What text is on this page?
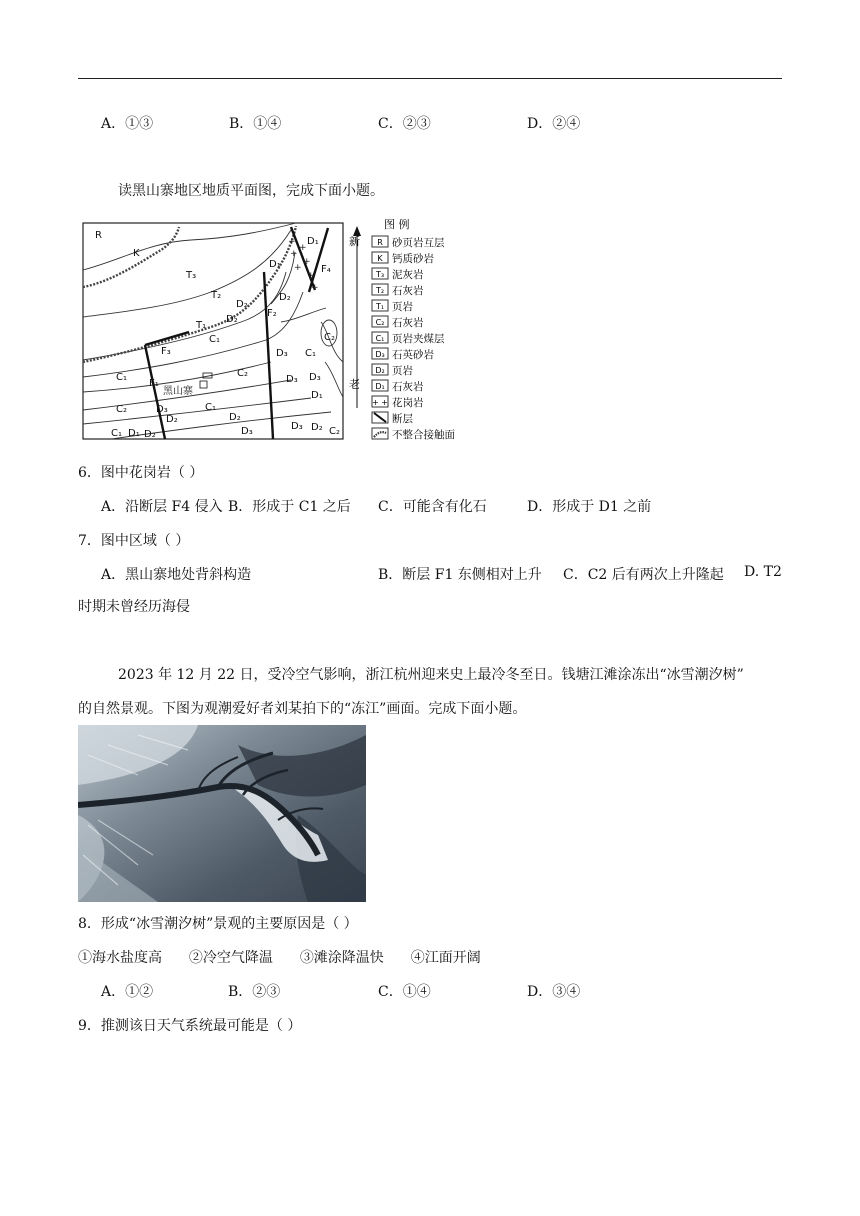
A．①③	B．①④	C．②③	D．②④
读黑山寨地区地质平面图，完成下面小题。
+
+
+
+
+
+
+
R
K
T₃
T₂
T₁
C₁
D₂
D₂
D₁
D₁
D₂
D₃ C₁
C₂
C₁
C₂
C₂
C₁
D₃ D₃
D₁
D₃
D₂	D₂
D₃	D₃ D₂ C₂
C₁ D₁ D₂
F₁
F₂
F₃
F₄
黑山寨
新
老
图 例
R 砂页岩互层
K 钙质砂岩
T₃ 泥灰岩
T₂ 石灰岩
T₁ 页岩
C₂ 石灰岩
C₁ 页岩夹煤层
D₃ 石英砂岩
D₂ 页岩
D₁ 石灰岩
+ + 花岗岩
断层
不整合接触面
6．图中花岗岩（ ）
A．沿断层 F4 侵入 B．形成于 C1 之后 C．可能含有化石	D．形成于 D1 之前
7．图中区域（ ）
A．黑山寨地处背斜构造	B．断层 F1 东侧相对上升 C．C2 后有两次上升隆起 D. T2
时期未曾经历海侵
2023 年 12 月 22 日，受冷空气影响，浙江杭州迎来史上最冷冬至日。钱塘江滩涂冻出“冰雪潮汐树”
的自然景观。下图为观潮爱好者刘某拍下的“冻江”画面。完成下面小题。
8．形成“冰雪潮汐树”景观的主要原因是（ ）
①海水盐度高 ②冷空气降温 ③滩涂降温快 ④江面开阔
A．①②	B．②③	C．①④	D．③④
9．推测该日天气系统最可能是（ ）
